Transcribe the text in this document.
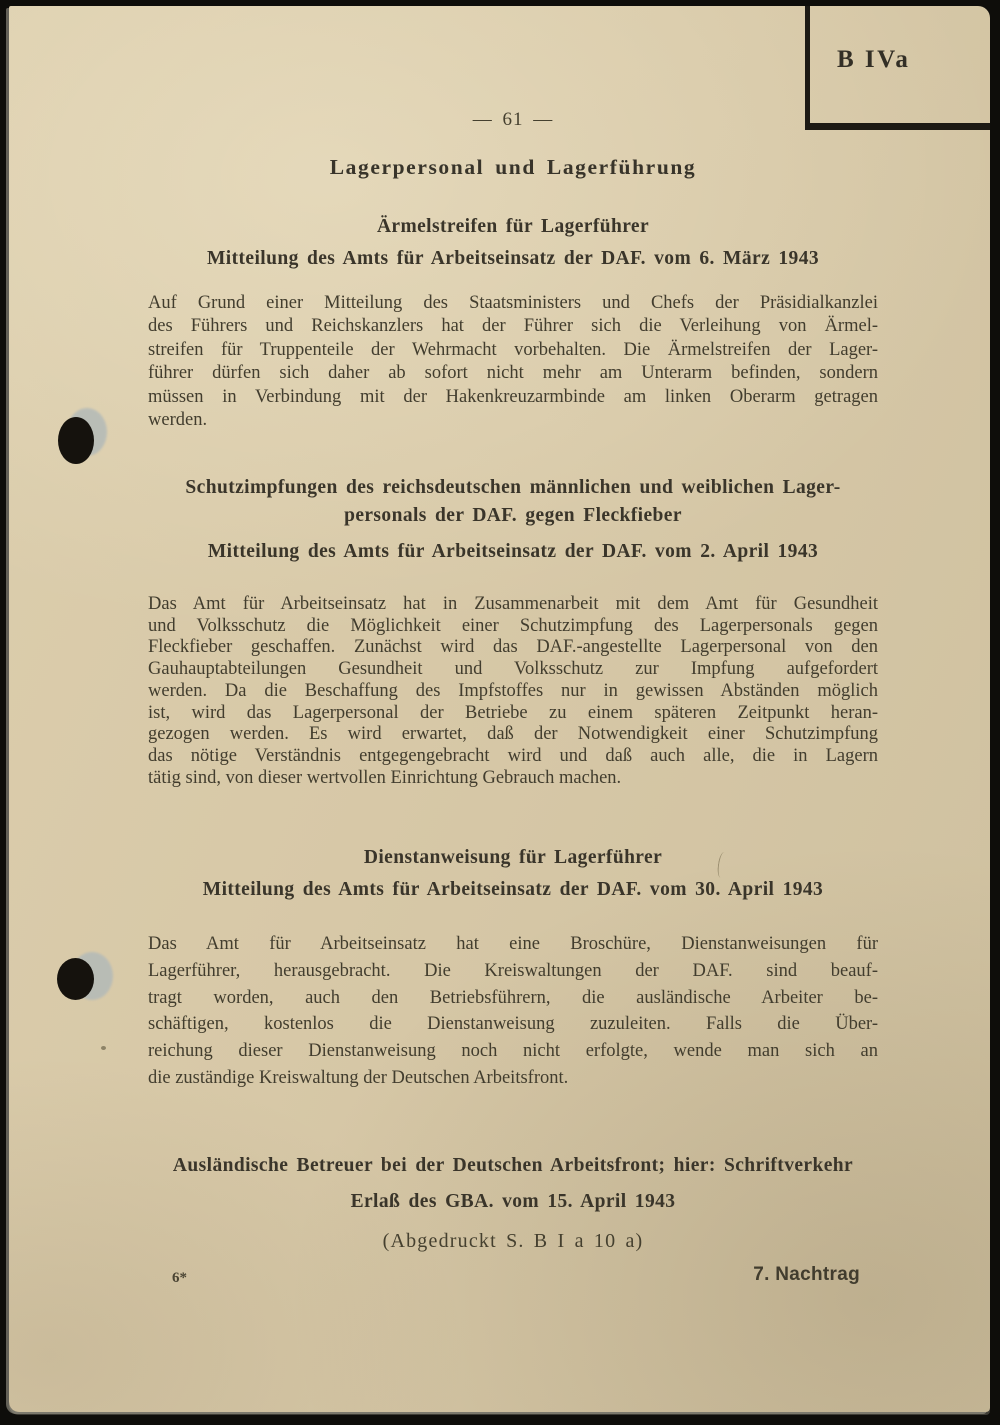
B IVa
— 61 —
Lagerpersonal und Lagerführung
Ärmelstreifen für Lagerführer
Mitteilung des Amts für Arbeitseinsatz der DAF. vom 6. März 1943
Auf Grund einer Mitteilung des Staatsministers und Chefs der Präsidialkanzlei
des Führers und Reichskanzlers hat der Führer sich die Verleihung von Ärmel-
streifen für Truppenteile der Wehrmacht vorbehalten. Die Ärmelstreifen der Lager-
führer dürfen sich daher ab sofort nicht mehr am Unterarm befinden, sondern
müssen in Verbindung mit der Hakenkreuzarmbinde am linken Oberarm getragen
werden.
Schutzimpfungen des reichsdeutschen männlichen und weiblichen Lager-
personals der DAF. gegen Fleckfieber
Mitteilung des Amts für Arbeitseinsatz der DAF. vom 2. April 1943
Das Amt für Arbeitseinsatz hat in Zusammenarbeit mit dem Amt für Gesundheit
und Volksschutz die Möglichkeit einer Schutzimpfung des Lagerpersonals gegen
Fleckfieber geschaffen. Zunächst wird das DAF.-angestellte Lagerpersonal von den
Gauhauptabteilungen Gesundheit und Volksschutz zur Impfung aufgefordert
werden. Da die Beschaffung des Impfstoffes nur in gewissen Abständen möglich
ist, wird das Lagerpersonal der Betriebe zu einem späteren Zeitpunkt heran-
gezogen werden. Es wird erwartet, daß der Notwendigkeit einer Schutzimpfung
das nötige Verständnis entgegengebracht wird und daß auch alle, die in Lagern
tätig sind, von dieser wertvollen Einrichtung Gebrauch machen.
Dienstanweisung für Lagerführer
Mitteilung des Amts für Arbeitseinsatz der DAF. vom 30. April 1943
Das Amt für Arbeitseinsatz hat eine Broschüre, Dienstanweisungen für
Lagerführer, herausgebracht. Die Kreiswaltungen der DAF. sind beauf-
tragt worden, auch den Betriebsführern, die ausländische Arbeiter be-
schäftigen, kostenlos die Dienstanweisung zuzuleiten. Falls die Über-
reichung dieser Dienstanweisung noch nicht erfolgte, wende man sich an
die zuständige Kreiswaltung der Deutschen Arbeitsfront.
Ausländische Betreuer bei der Deutschen Arbeitsfront; hier: Schriftverkehr
Erlaß des GBA. vom 15. April 1943
(Abgedruckt S. B I a 10 a)
6*	7. Nachtrag
